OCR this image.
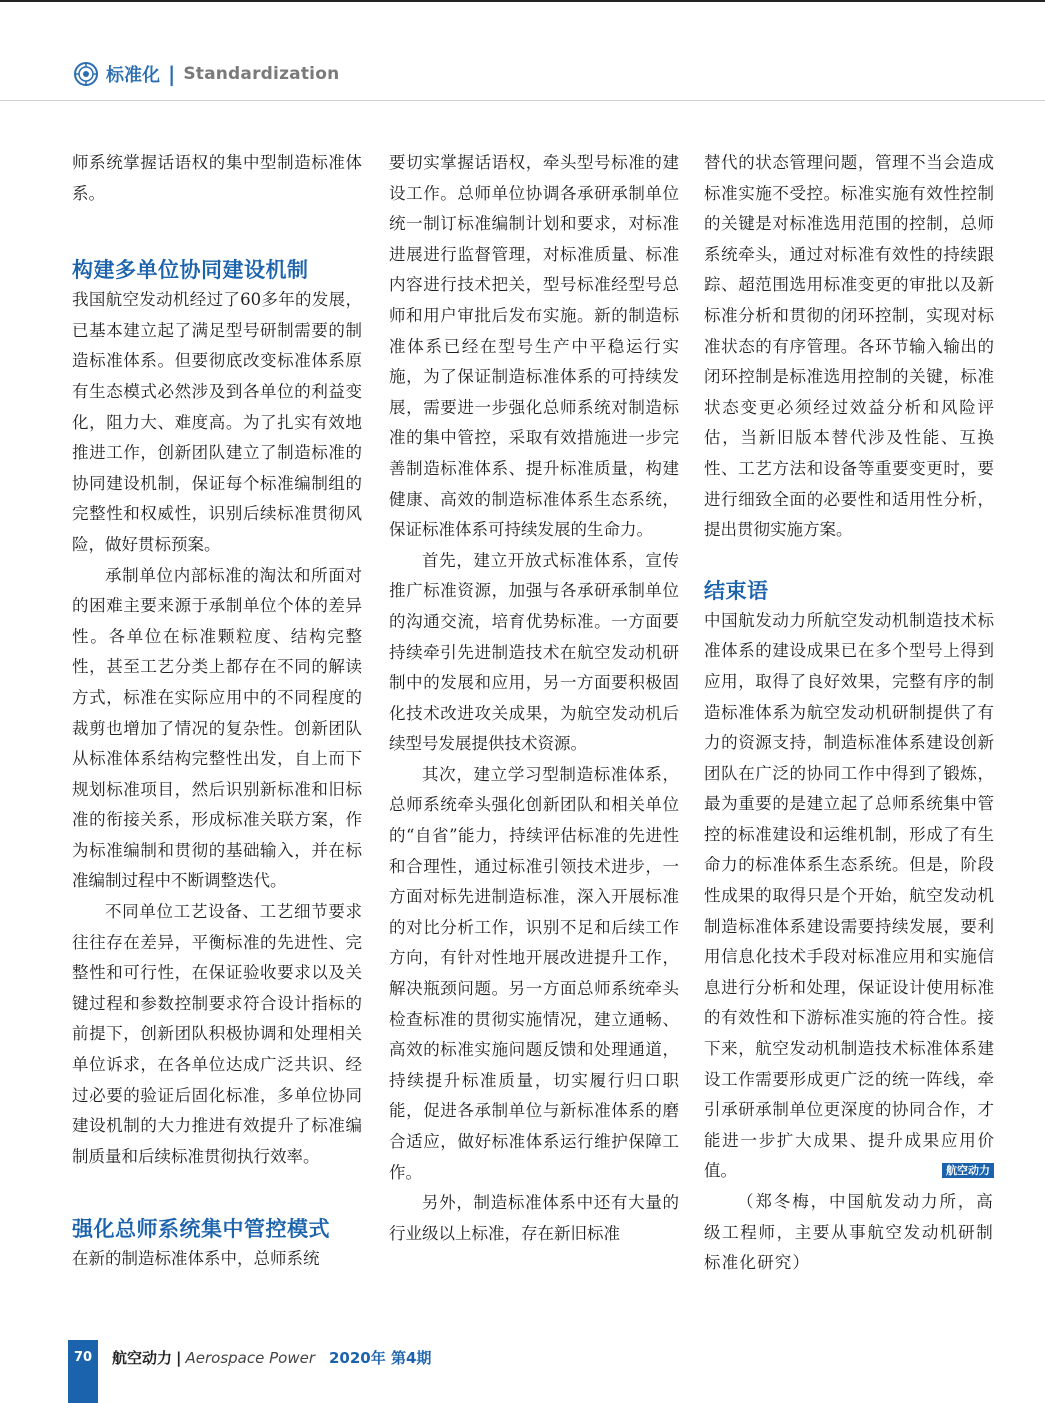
标准化 | Standardization

师系统掌握话语权的集中型制造标准体系。

构建多单位协同建设机制

我国航空发动机经过了60多年的发展，已基本建立起了满足型号研制需要的制造标准体系。但要彻底改变标准体系原有生态模式必然涉及到各单位的利益变化，阻力大、难度高。为了扎实有效地推进工作，创新团队建立了制造标准的协同建设机制，保证每个标准编制组的完整性和权威性，识别后续标准贯彻风险，做好贯标预案。

承制单位内部标准的淘汰和所面对的困难主要来源于承制单位个体的差异性。各单位在标准颗粒度、结构完整性，甚至工艺分类上都存在不同的解读方式，标准在实际应用中的不同程度的裁剪也增加了情况的复杂性。创新团队从标准体系结构完整性出发，自上而下规划标准项目，然后识别新标准和旧标准的衔接关系，形成标准关联方案，作为标准编制和贯彻的基础输入，并在标准编制过程中不断调整迭代。

不同单位工艺设备、工艺细节要求往往存在差异，平衡标准的先进性、完整性和可行性，在保证验收要求以及关键过程和参数控制要求符合设计指标的前提下，创新团队积极协调和处理相关单位诉求，在各单位达成广泛共识、经过必要的验证后固化标准，多单位协同建设机制的大力推进有效提升了标准编制质量和后续标准贯彻执行效率。

强化总师系统集中管控模式

在新的制造标准体系中，总师系统

要切实掌握话语权，牵头型号标准的建设工作。总师单位协调各承研承制单位统一制订标准编制计划和要求，对标准进展进行监督管理，对标准质量、标准内容进行技术把关，型号标准经型号总师和用户审批后发布实施。新的制造标准体系已经在型号生产中平稳运行实施，为了保证制造标准体系的可持续发展，需要进一步强化总师系统对制造标准的集中管控，采取有效措施进一步完善制造标准体系、提升标准质量，构建健康、高效的制造标准体系生态系统，保证标准体系可持续发展的生命力。

首先，建立开放式标准体系，宣传推广标准资源，加强与各承研承制单位的沟通交流，培育优势标准。一方面要持续牵引先进制造技术在航空发动机研制中的发展和应用，另一方面要积极固化技术改进攻关成果，为航空发动机后续型号发展提供技术资源。

其次，建立学习型制造标准体系，总师系统牵头强化创新团队和相关单位的“自省”能力，持续评估标准的先进性和合理性，通过标准引领技术进步，一方面对标先进制造标准，深入开展标准的对比分析工作，识别不足和后续工作方向，有针对性地开展改进提升工作，解决瓶颈问题。另一方面总师系统牵头检查标准的贯彻实施情况，建立通畅、高效的标准实施问题反馈和处理通道，持续提升标准质量，切实履行归口职能，促进各承制单位与新标准体系的磨合适应，做好标准体系运行维护保障工作。

另外，制造标准体系中还有大量的行业级以上标准，存在新旧标准

替代的状态管理问题，管理不当会造成标准实施不受控。标准实施有效性控制的关键是对标准选用范围的控制，总师系统牵头，通过对标准有效性的持续跟踪、超范围选用标准变更的审批以及新标准分析和贯彻的闭环控制，实现对标准状态的有序管理。各环节输入输出的闭环控制是标准选用控制的关键，标准状态变更必须经过效益分析和风险评估，当新旧版本替代涉及性能、互换性、工艺方法和设备等重要变更时，要进行细致全面的必要性和适用性分析，提出贯彻实施方案。

结束语

中国航发动力所航空发动机制造技术标准体系的建设成果已在多个型号上得到应用，取得了良好效果，完整有序的制造标准体系为航空发动机研制提供了有力的资源支持，制造标准体系建设创新团队在广泛的协同工作中得到了锻炼，最为重要的是建立起了总师系统集中管控的标准建设和运维机制，形成了有生命力的标准体系生态系统。但是，阶段性成果的取得只是个开始，航空发动机制造标准体系建设需要持续发展，要利用信息化技术手段对标准应用和实施信息进行分析和处理，保证设计使用标准的有效性和下游标准实施的符合性。接下来，航空发动机制造技术标准体系建设工作需要形成更广泛的统一阵线，牵引承研承制单位更深度的协同合作，才能进一步扩大成果、提升成果应用价值。	航空动力

（郑冬梅，中国航发动力所，高级工程师，主要从事航空发动机研制标准化研究）

70	航空动力 | Aerospace Power 2020年 第4期
